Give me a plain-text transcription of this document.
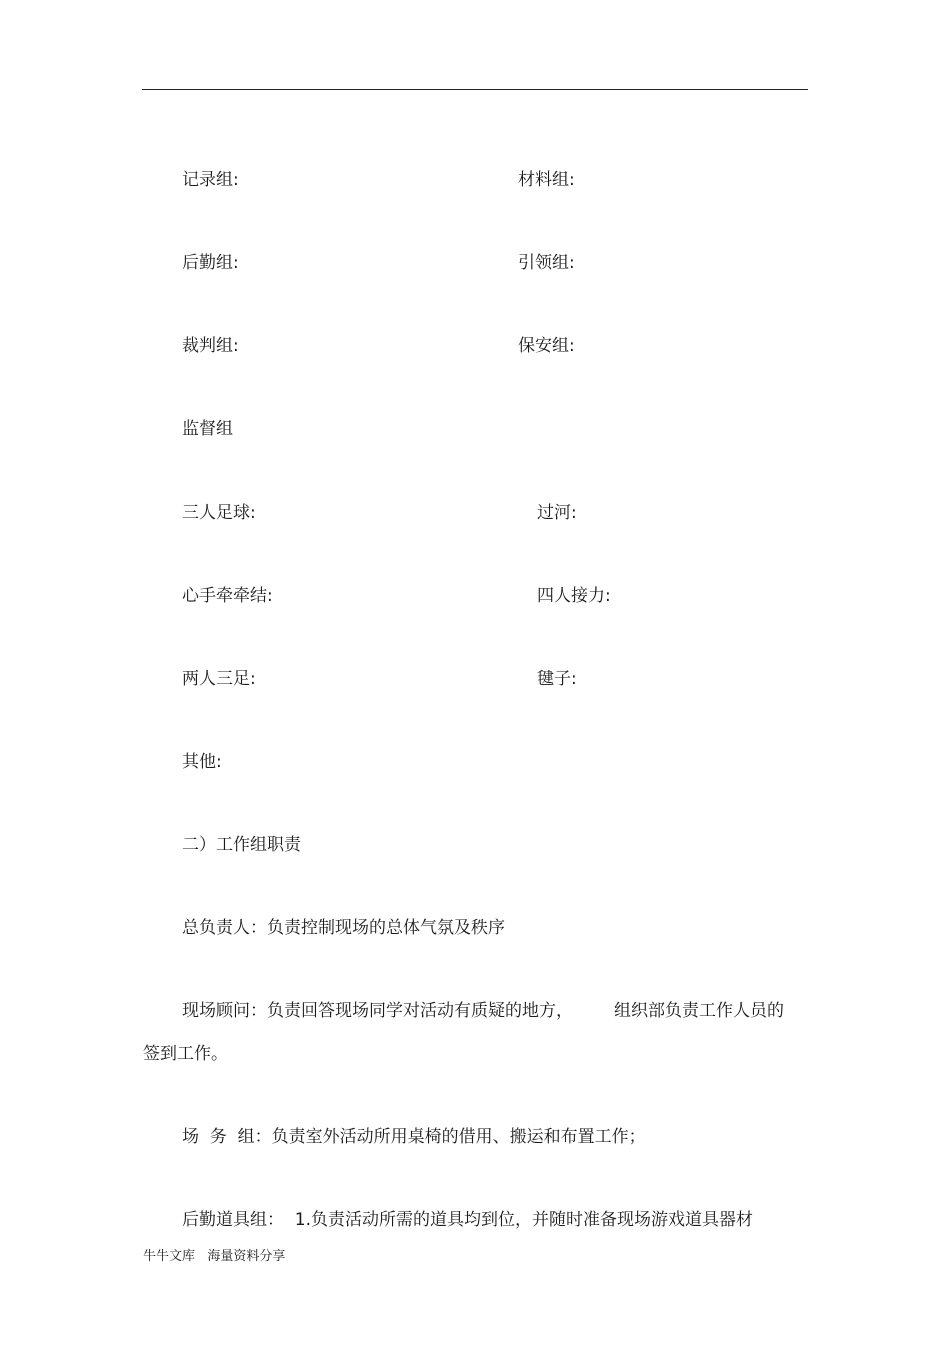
记录组:	材料组:
后勤组:	引领组:
裁判组:	保安组:
监督组
三人足球:	过河:
心手牵牵结:	四人接力:
两人三足:	毽子:
其他:
二）工作组职责
总负责人：负责控制现场的总体气氛及秩序
现场顾问：负责回答现场同学对活动有质疑的地方， 组织部负责工作人员的
签到工作。
场  务  组：负责室外活动所用桌椅的借用、搬运和布置工作；
后勤道具组：  1.负责活动所需的道具均到位，并随时准备现场游戏道具器材
牛牛文库   海量资料分享
